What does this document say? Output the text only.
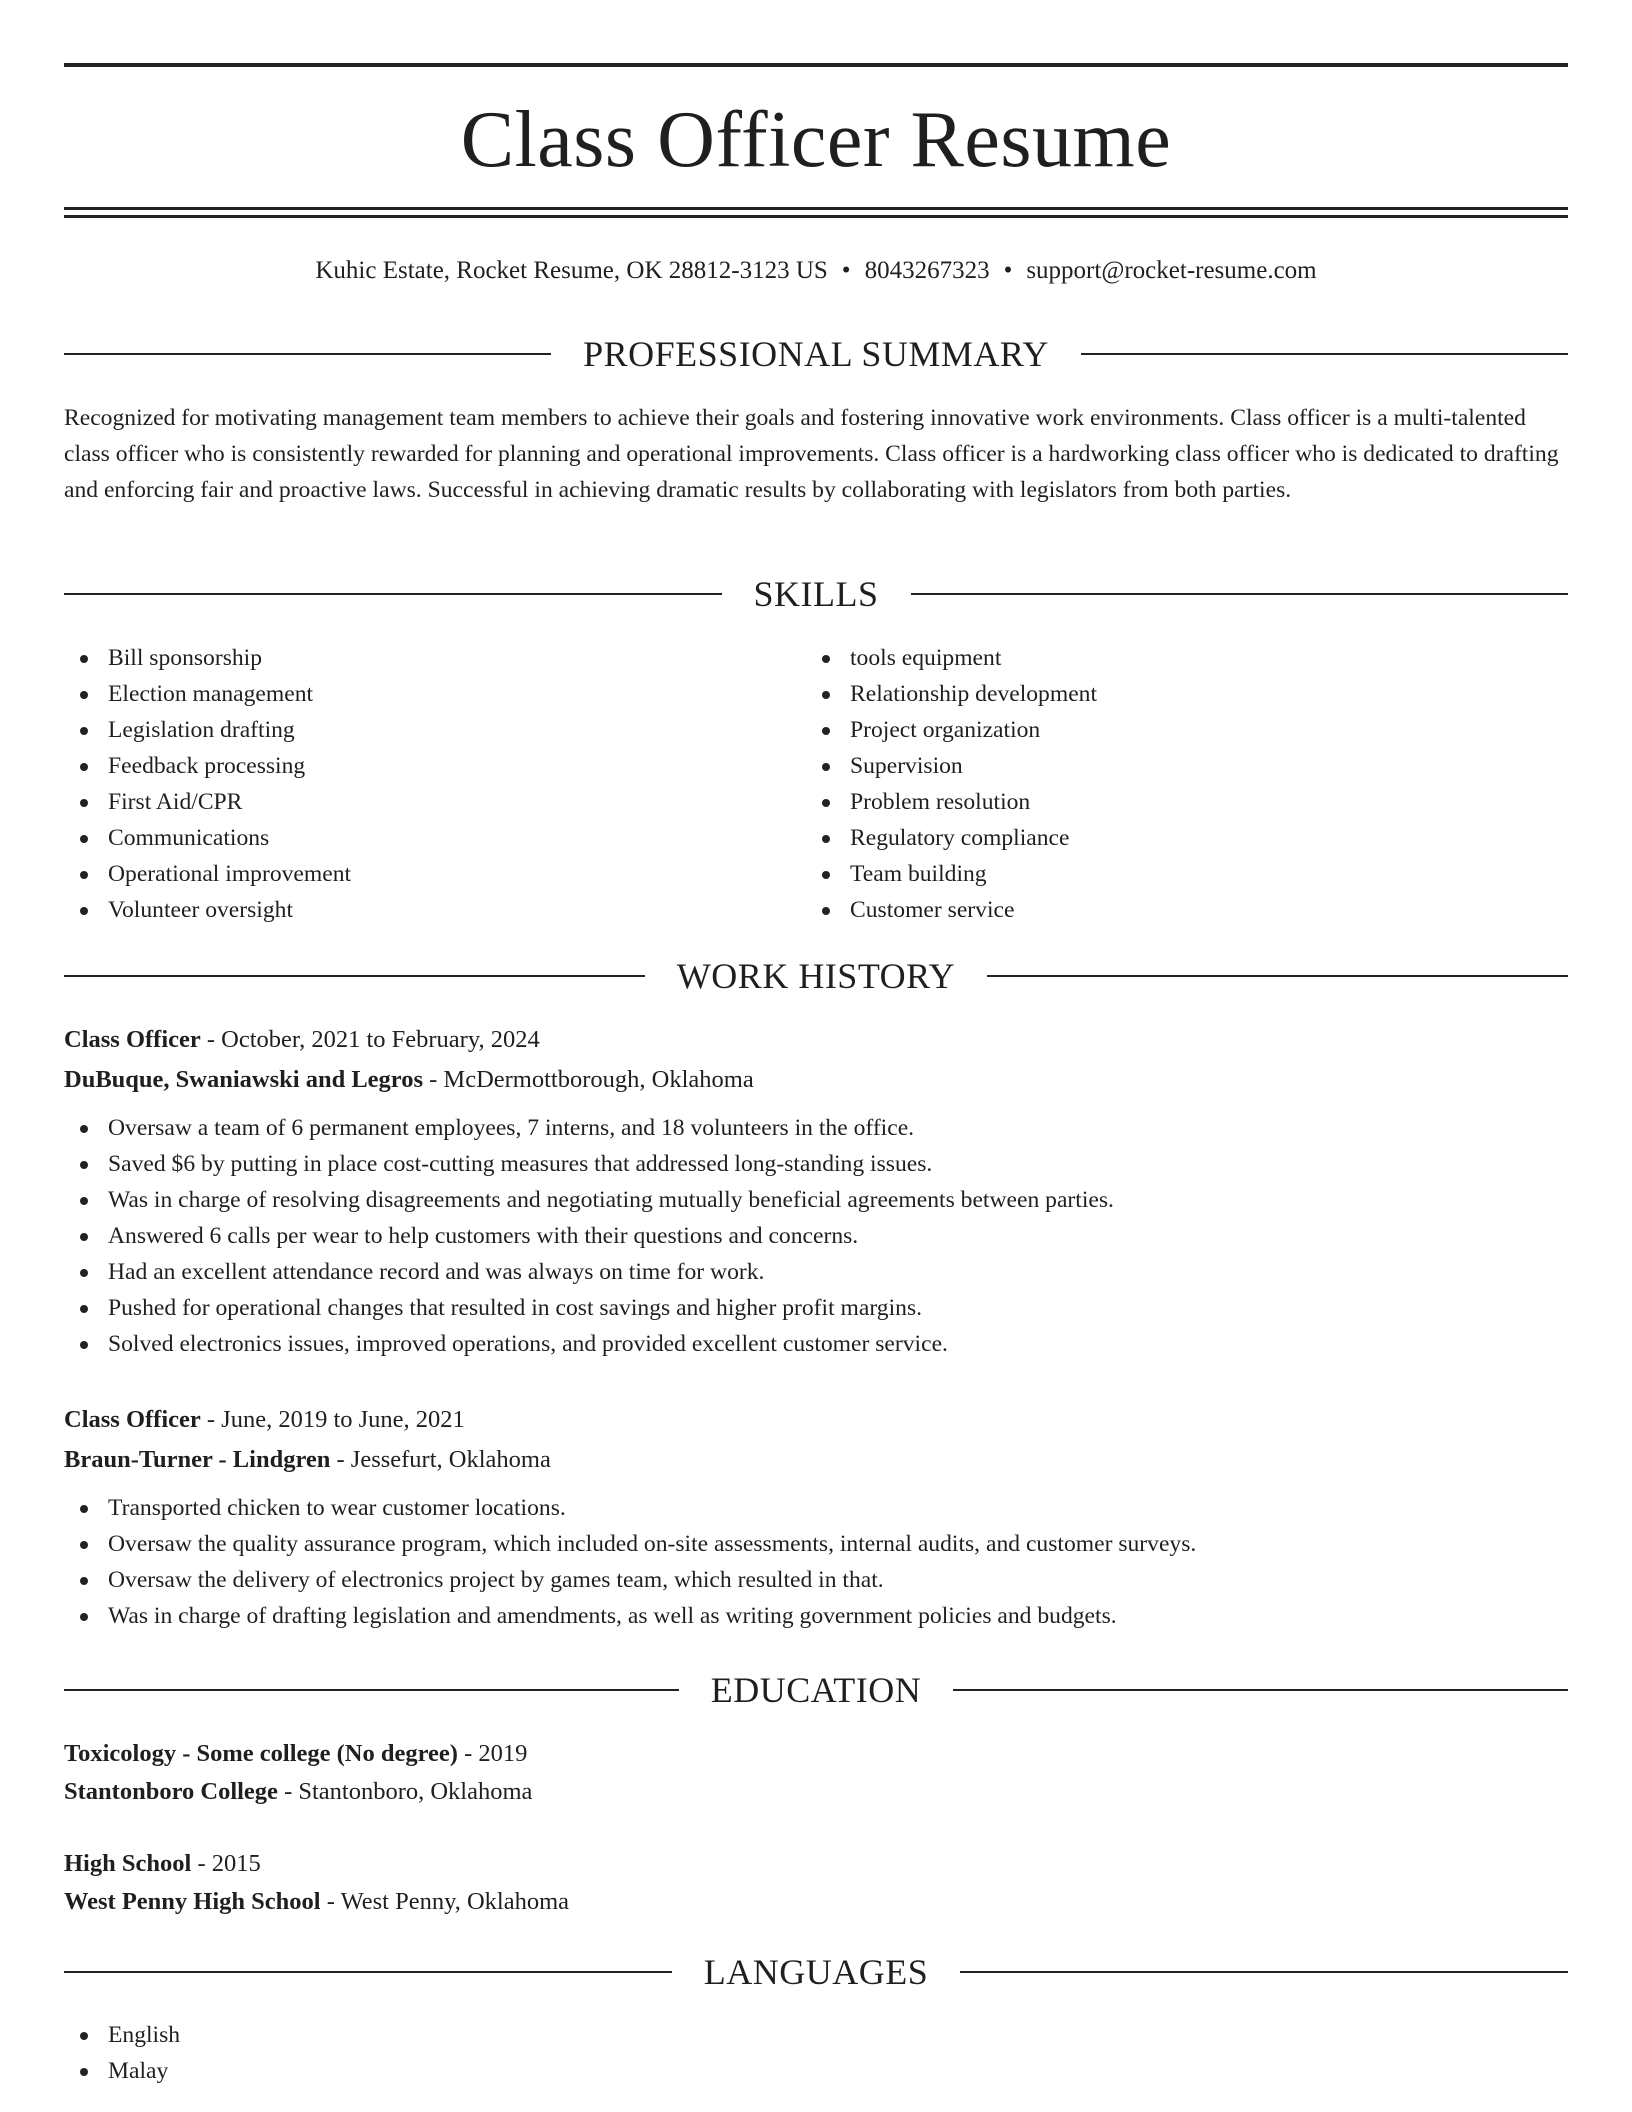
Class Officer Resume
Kuhic Estate, Rocket Resume, OK 28812-3123 US • 8043267323 • support@rocket-resume.com
PROFESSIONAL SUMMARY

Recognized for motivating management team members to achieve their goals and fostering innovative work environments. Class officer is a multi-talented class officer who is consistently rewarded for planning and operational improvements. Class officer is a hardworking class officer who is dedicated to drafting and enforcing fair and proactive laws. Successful in achieving dramatic results by collaborating with legislators from both parties.

SKILLS
Bill sponsorship
Election management
Legislation drafting
Feedback processing
First Aid/CPR
Communications
Operational improvement
Volunteer oversight
tools equipment
Relationship development
Project organization
Supervision
Problem resolution
Regulatory compliance
Team building
Customer service
WORK HISTORY
Class Officer - October, 2021 to February, 2024
DuBuque, Swaniawski and Legros - McDermottborough, Oklahoma
Oversaw a team of 6 permanent employees, 7 interns, and 18 volunteers in the office.
Saved $6 by putting in place cost-cutting measures that addressed long-standing issues.
Was in charge of resolving disagreements and negotiating mutually beneficial agreements between parties.
Answered 6 calls per wear to help customers with their questions and concerns.
Had an excellent attendance record and was always on time for work.
Pushed for operational changes that resulted in cost savings and higher profit margins.
Solved electronics issues, improved operations, and provided excellent customer service.
Class Officer - June, 2019 to June, 2021
Braun-Turner - Lindgren - Jessefurt, Oklahoma
Transported chicken to wear customer locations.
Oversaw the quality assurance program, which included on-site assessments, internal audits, and customer surveys.
Oversaw the delivery of electronics project by games team, which resulted in that.
Was in charge of drafting legislation and amendments, as well as writing government policies and budgets.
EDUCATION
Toxicology - Some college (No degree) - 2019
Stantonboro College - Stantonboro, Oklahoma
High School - 2015
West Penny High School - West Penny, Oklahoma
LANGUAGES
English
Malay
